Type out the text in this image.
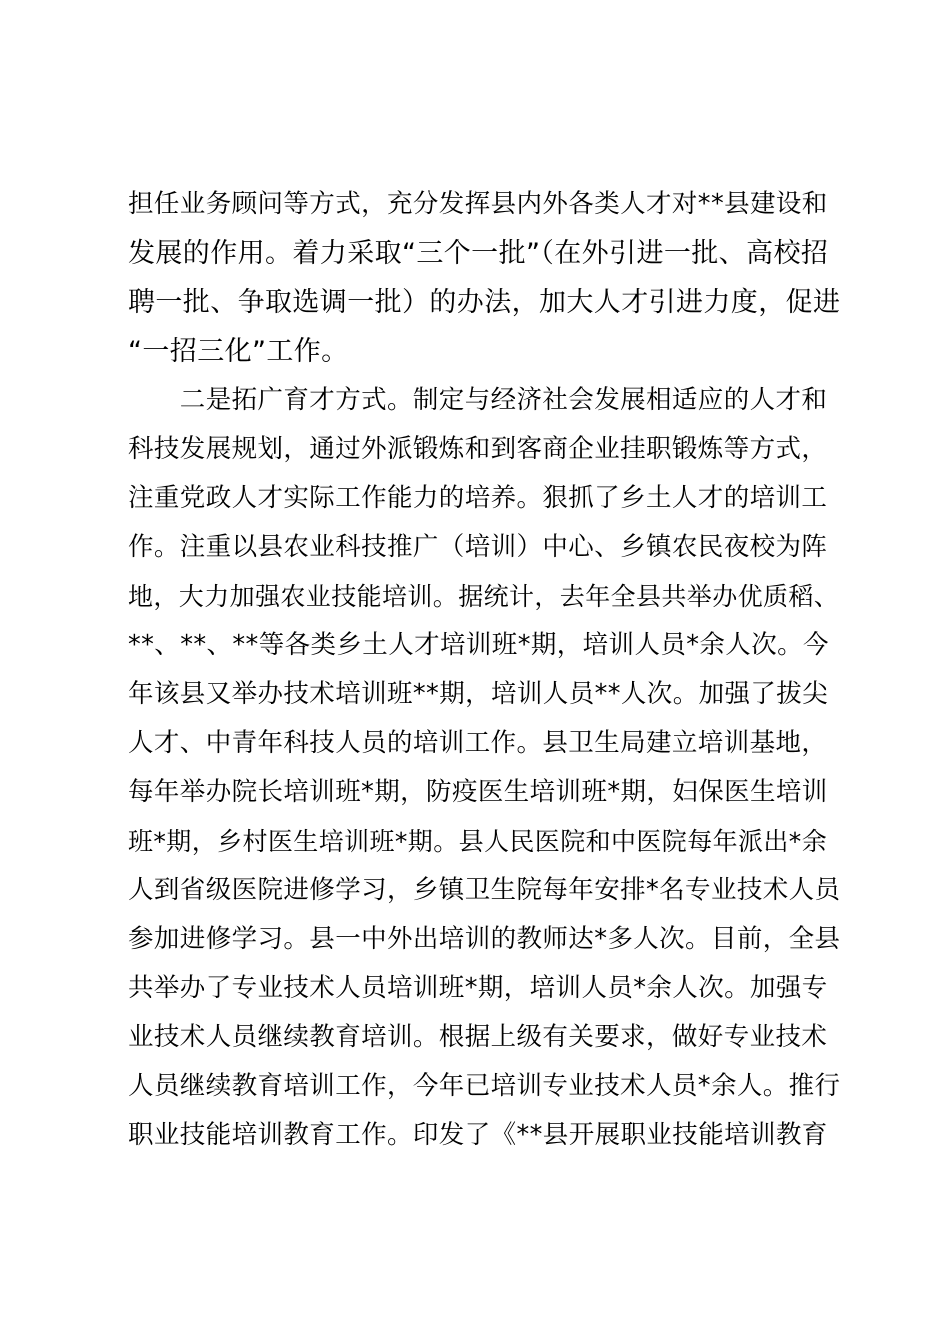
担任业务顾问等方式，充分发挥县内外各类人才对**县建设和
发展的作用。着力采取“三个一批”（在外引进一批、高校招
聘一批、争取选调一批）的办法，加大人才引进力度，促进
“一招三化”工作。
　　二是拓广育才方式。制定与经济社会发展相适应的人才和
科技发展规划，通过外派锻炼和到客商企业挂职锻炼等方式，
注重党政人才实际工作能力的培养。狠抓了乡土人才的培训工
作。注重以县农业科技推广（培训）中心、乡镇农民夜校为阵
地，大力加强农业技能培训。据统计，去年全县共举办优质稻、
**、**、**等各类乡土人才培训班*期，培训人员*余人次。今
年该县又举办技术培训班**期，培训人员**人次。加强了拔尖
人才、中青年科技人员的培训工作。县卫生局建立培训基地，
每年举办院长培训班*期，防疫医生培训班*期，妇保医生培训
班*期，乡村医生培训班*期。县人民医院和中医院每年派出*余
人到省级医院进修学习，乡镇卫生院每年安排*名专业技术人员
参加进修学习。县一中外出培训的教师达*多人次。目前，全县
共举办了专业技术人员培训班*期，培训人员*余人次。加强专
业技术人员继续教育培训。根据上级有关要求，做好专业技术
人员继续教育培训工作，今年已培训专业技术人员*余人。推行
职业技能培训教育工作。印发了《**县开展职业技能培训教育
